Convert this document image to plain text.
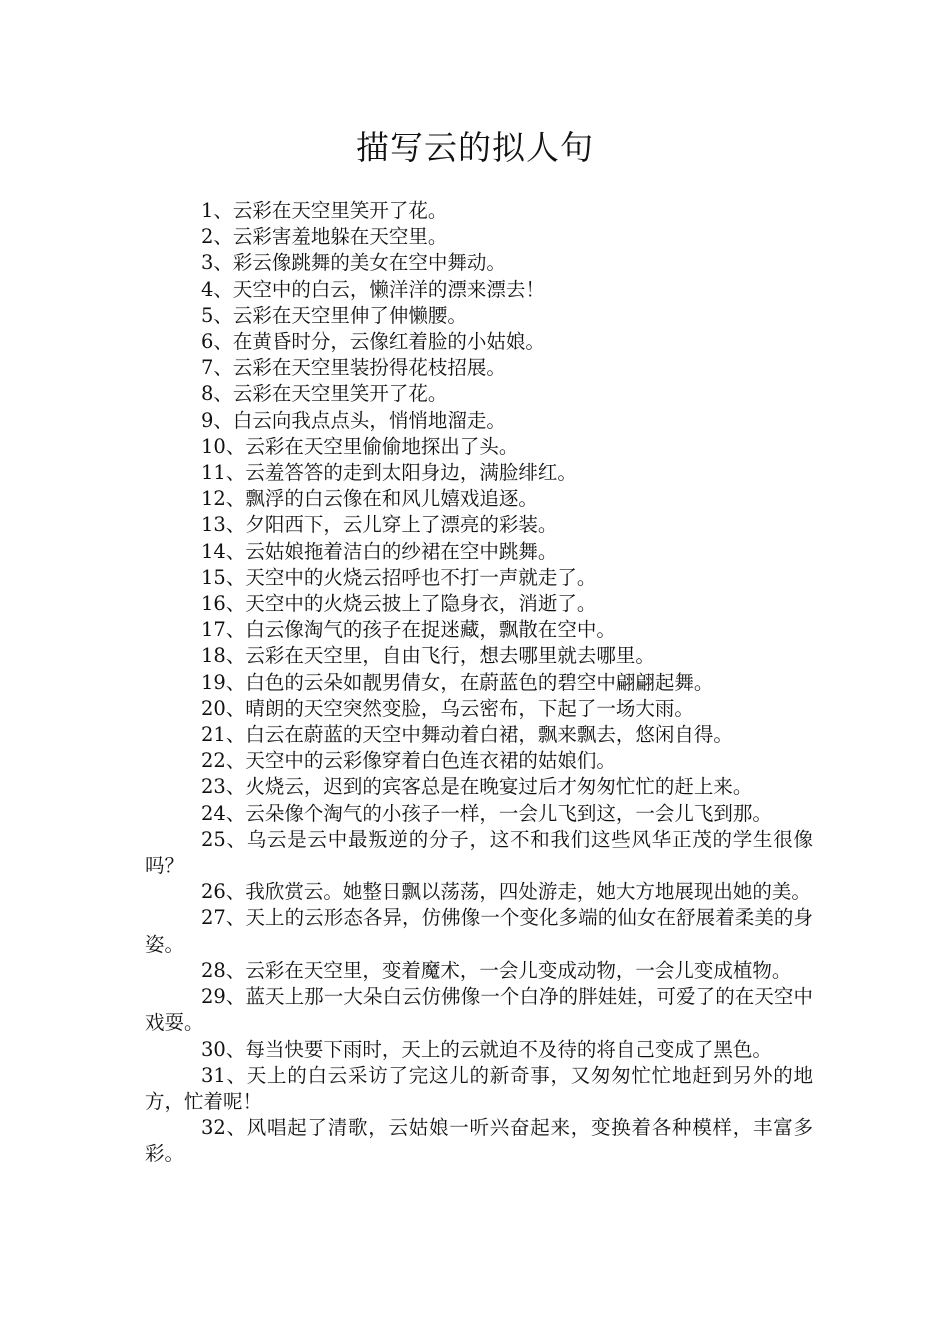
描写云的拟人句

1、云彩在天空里笑开了花。

2、云彩害羞地躲在天空里。

3、彩云像跳舞的美女在空中舞动。

4、天空中的白云，懒洋洋的漂来漂去！

5、云彩在天空里伸了伸懒腰。

6、在黄昏时分，云像红着脸的小姑娘。

7、云彩在天空里装扮得花枝招展。

8、云彩在天空里笑开了花。

9、白云向我点点头，悄悄地溜走。

10、云彩在天空里偷偷地探出了头。

11、云羞答答的走到太阳身边，满脸绯红。

12、飘浮的白云像在和风儿嬉戏追逐。

13、夕阳西下，云儿穿上了漂亮的彩装。

14、云姑娘拖着洁白的纱裙在空中跳舞。

15、天空中的火烧云招呼也不打一声就走了。

16、天空中的火烧云披上了隐身衣，消逝了。

17、白云像淘气的孩子在捉迷藏，飘散在空中。

18、云彩在天空里，自由飞行，想去哪里就去哪里。

19、白色的云朵如靓男倩女，在蔚蓝色的碧空中翩翩起舞。

20、晴朗的天空突然变脸，乌云密布，下起了一场大雨。

21、白云在蔚蓝的天空中舞动着白裙，飘来飘去，悠闲自得。

22、天空中的云彩像穿着白色连衣裙的姑娘们。

23、火烧云，迟到的宾客总是在晚宴过后才匆匆忙忙的赶上来。

24、云朵像个淘气的小孩子一样，一会儿飞到这，一会儿飞到那。

25、乌云是云中最叛逆的分子，这不和我们这些风华正茂的学生很像吗？

26、我欣赏云。她整日飘以荡荡，四处游走，她大方地展现出她的美。

27、天上的云形态各异，仿佛像一个变化多端的仙女在舒展着柔美的身姿。

28、云彩在天空里，变着魔术，一会儿变成动物，一会儿变成植物。

29、蓝天上那一大朵白云仿佛像一个白净的胖娃娃，可爱了的在天空中戏耍。

30、每当快要下雨时，天上的云就迫不及待的将自己变成了黑色。

31、天上的白云采访了完这儿的新奇事，又匆匆忙忙地赶到另外的地方，忙着呢！

32、风唱起了清歌，云姑娘一听兴奋起来，变换着各种模样，丰富多彩。
